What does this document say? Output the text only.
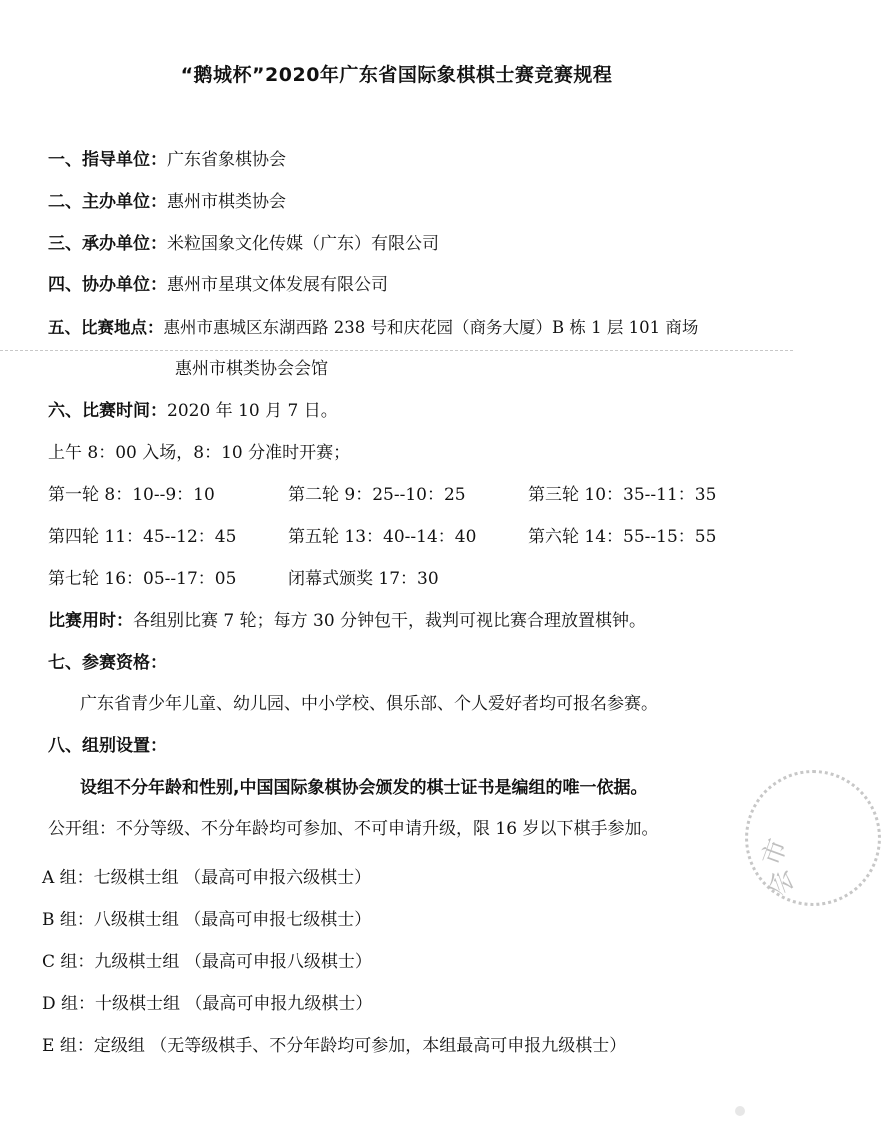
“鹅城杯”2020年广东省国际象棋棋士赛竞赛规程
一、指导单位：广东省象棋协会
二、主办单位：惠州市棋类协会
三、承办单位：米粒国象文化传媒（广东）有限公司
四、协办单位：惠州市星琪文体发展有限公司
五、比赛地点：惠州市惠城区东湖西路 238 号和庆花园（商务大厦）B 栋 1 层 101 商场
惠州市棋类协会会馆
六、比赛时间：2020 年 10 月 7 日。
上午 8：00 入场，8：10 分准时开赛；
第一轮 8：10--9：10	第二轮 9：25--10：25	第三轮 10：35--11：35
第四轮 11：45--12：45	第五轮 13：40--14：40	第六轮 14：55--15：55
第七轮 16：05--17：05	闭幕式颁奖 17：30
比赛用时：各组别比赛 7 轮；每方 30 分钟包干，裁判可视比赛合理放置棋钟。
七、参赛资格：
广东省青少年儿童、幼儿园、中小学校、俱乐部、个人爱好者均可报名参赛。
八、组别设置：
设组不分年龄和性别,中国国际象棋协会颁发的棋士证书是编组的唯一依据。
公开组：不分等级、不分年龄均可参加、不可申请升级，限 16 岁以下棋手参加。
A 组：七级棋士组 （最高可申报六级棋士）
B 组：八级棋士组 （最高可申报七级棋士）
C 组：九级棋士组 （最高可申报八级棋士）
D 组：十级棋士组 （最高可申报九级棋士）
E 组：定级组 （无等级棋手、不分年龄均可参加，本组最高可申报九级棋士）
市
会
